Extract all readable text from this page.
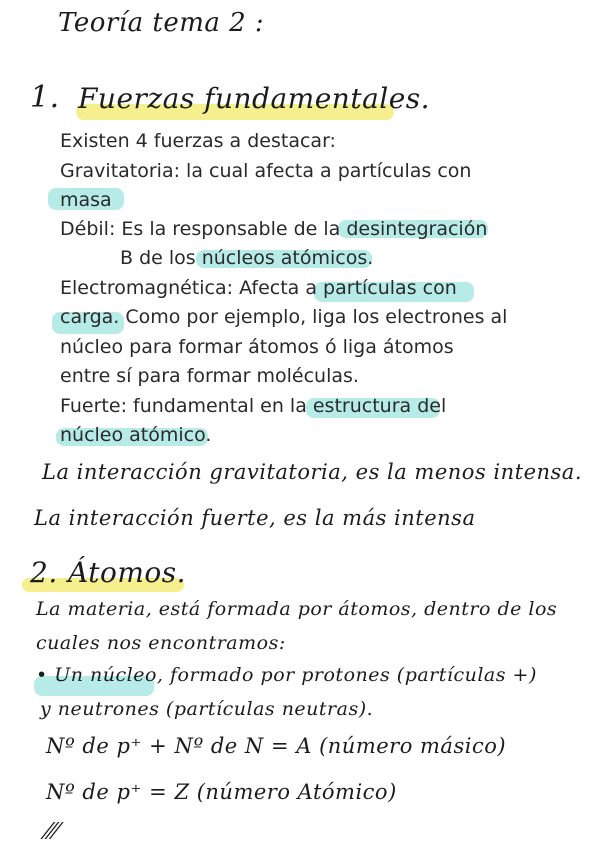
Teoría tema 2 :
1. Fuerzas fundamentales.
Existen 4 fuerzas a destacar:
Gravitatoria: la cual afecta a partículas con
masa
Débil: Es la responsable de la desintegración
B de los núcleos atómicos.
Electromagnética: Afecta a partículas con
carga. Como por ejemplo, liga los electrones al
núcleo para formar átomos ó liga átomos
entre sí para formar moléculas.
Fuerte: fundamental en la estructura del
núcleo atómico.
La interacción gravitatoria, es la menos intensa.
La interacción fuerte, es la más intensa
2. Átomos.
La materia, está formada por átomos, dentro de los
cuales nos encontramos:
• Un núcleo, formado por protones (partículas +)
y neutrones (partículas neutras).
Nº de p⁺ + Nº de N = A (número másico)
Nº de p⁺ = Z (número Atómico)
⁄⁄⁄
